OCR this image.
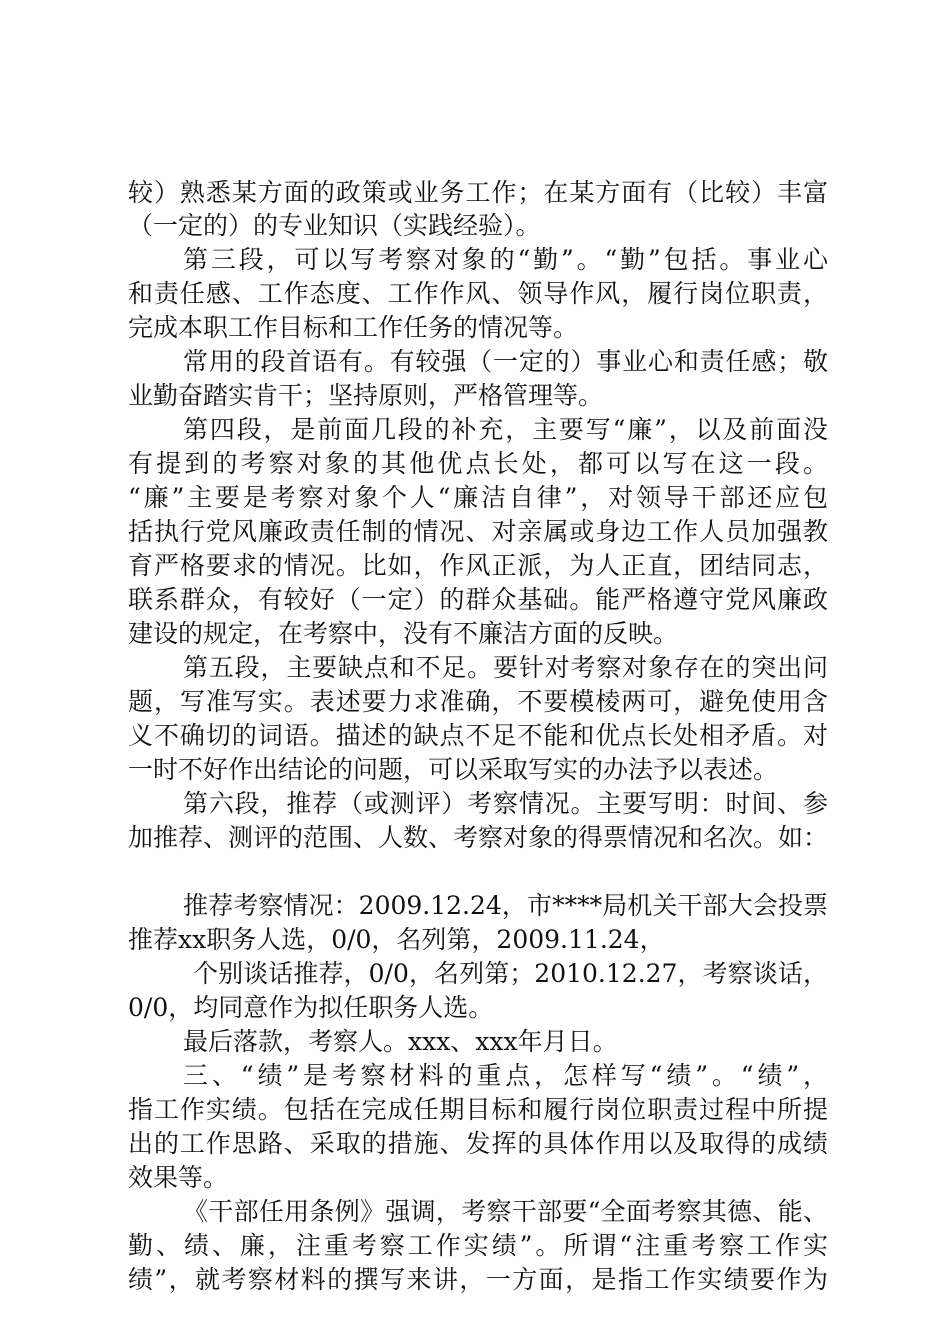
较）熟悉某方面的政策或业务工作；在某方面有（比较）丰富
（一定的）的专业知识（实践经验）。
第三段，可以写考察对象的“勤”。“勤”包括。事业心
和责任感、工作态度、工作作风、领导作风，履行岗位职责，
完成本职工作目标和工作任务的情况等。
常用的段首语有。有较强（一定的）事业心和责任感；敬
业勤奋踏实肯干；坚持原则，严格管理等。
第四段，是前面几段的补充，主要写“廉”，以及前面没
有提到的考察对象的其他优点长处，都可以写在这一段。
“廉”主要是考察对象个人“廉洁自律”，对领导干部还应包
括执行党风廉政责任制的情况、对亲属或身边工作人员加强教
育严格要求的情况。比如，作风正派，为人正直，团结同志，
联系群众，有较好（一定）的群众基础。能严格遵守党风廉政
建设的规定，在考察中，没有不廉洁方面的反映。
第五段，主要缺点和不足。要针对考察对象存在的突出问
题，写准写实。表述要力求准确，不要模棱两可，避免使用含
义不确切的词语。描述的缺点不足不能和优点长处相矛盾。对
一时不好作出结论的问题，可以采取写实的办法予以表述。
第六段，推荐（或测评）考察情况。主要写明：时间、参
加推荐、测评的范围、人数、考察对象的得票情况和名次。如：
推荐考察情况：2009.12.24，市****局机关干部大会投票
推荐xx职务人选，0/0，名列第，2009.11.24，
个别谈话推荐，0/0，名列第；2010.12.27，考察谈话，
0/0，均同意作为拟任职务人选。
最后落款，考察人。xxx、xxx年月日。
三、“绩”是考察材料的重点，怎样写“绩”。“绩”，
指工作实绩。包括在完成任期目标和履行岗位职责过程中所提
出的工作思路、采取的措施、发挥的具体作用以及取得的成绩
效果等。
《干部任用条例》强调，考察干部要“全面考察其德、能、
勤、绩、廉，注重考察工作实绩”。所谓“注重考察工作实
绩”，就考察材料的撰写来讲，一方面，是指工作实绩要作为
